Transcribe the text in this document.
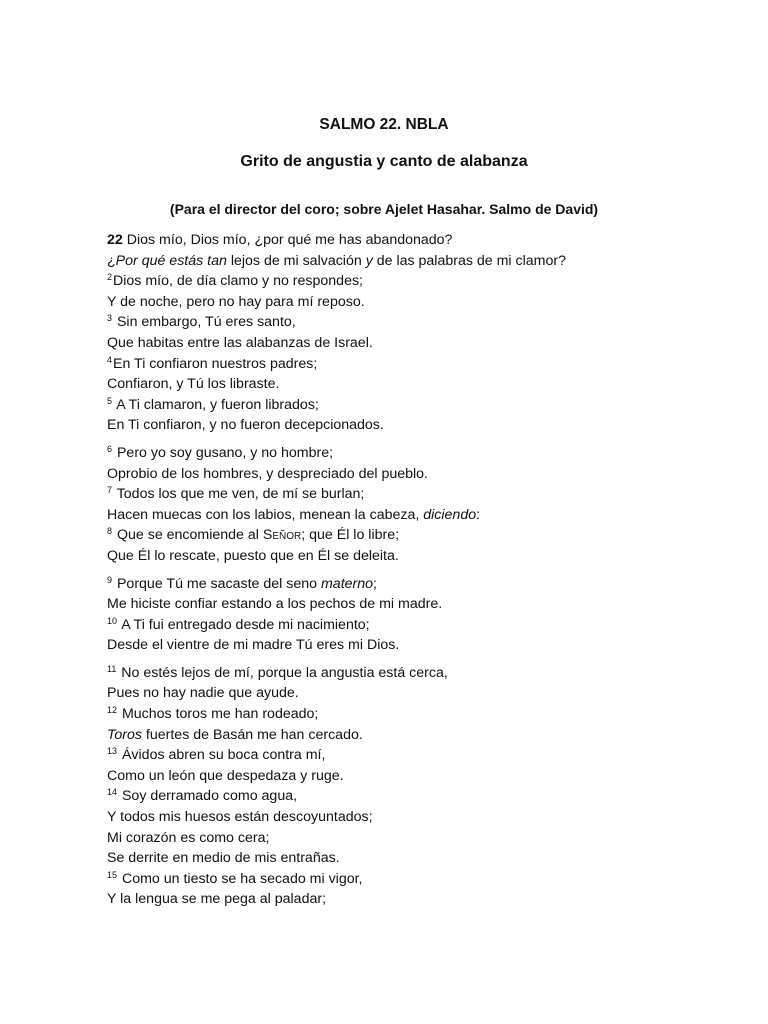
SALMO 22. NBLA
Grito de angustia y canto de alabanza
(Para el director del coro; sobre Ajelet Hasahar. Salmo de David)
22 Dios mío, Dios mío, ¿por qué me has abandonado?
¿Por qué estás tan lejos de mi salvación y de las palabras de mi clamor?
$^2$Dios mío, de día clamo y no respondes;
Y de noche, pero no hay para mí reposo.
$^3$ Sin embargo, Tú eres santo,
Que habitas entre las alabanzas de Israel.
$^4$En Ti confiaron nuestros padres;
Confiaron, y Tú los libraste.
$^5$ A Ti clamaron, y fueron librados;
En Ti confiaron, y no fueron decepcionados.
$^6$ Pero yo soy gusano, y no hombre;
Oprobio de los hombres, y despreciado del pueblo.
$^7$ Todos los que me ven, de mí se burlan;
Hacen muecas con los labios, menean la cabeza, diciendo:
$^8$ Que se encomiende al Señor; que Él lo libre;
Que Él lo rescate, puesto que en Él se deleita.
$^9$ Porque Tú me sacaste del seno materno;
Me hiciste confiar estando a los pechos de mi madre.
$^{10}$ A Ti fui entregado desde mi nacimiento;
Desde el vientre de mi madre Tú eres mi Dios.
$^{11}$ No estés lejos de mí, porque la angustia está cerca,
Pues no hay nadie que ayude.
$^{12}$ Muchos toros me han rodeado;
Toros fuertes de Basán me han cercado.
$^{13}$ Ávidos abren su boca contra mí,
Como un león que despedaza y ruge.
$^{14}$ Soy derramado como agua,
Y todos mis huesos están descoyuntados;
Mi corazón es como cera;
Se derrite en medio de mis entrañas.
$^{15}$ Como un tiesto se ha secado mi vigor,
Y la lengua se me pega al paladar;
